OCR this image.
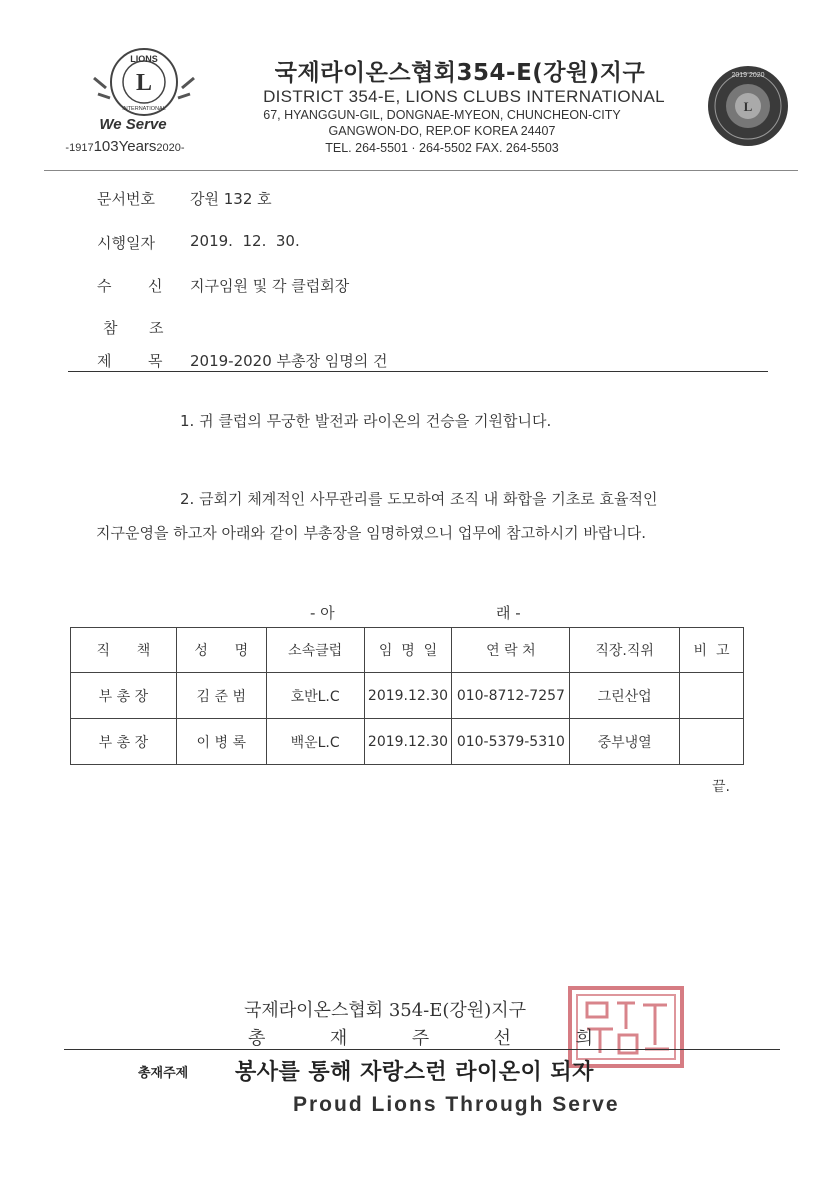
LIONS
L
INTERNATIONAL
We Serve
-1917103Years2020-
국제라이온스협회354-E(강원)지구
DISTRICT 354-E, LIONS CLUBS INTERNATIONAL
67, HYANGGUN-GIL, DONGNAE-MYEON, CHUNCHEON-CITY
GANGWON-DO, REP.OF KOREA 24407
TEL. 264-5501 · 264-5502 FAX. 264-5503
L
2019 2020
문서번호	강원 132 호
시행일자	2019.  12.  30.
수 신 지구임원 및 각 클럽회장
참 조
제 목 2019-2020 부총장 임명의 건
1. 귀 클럽의 무궁한 발전과 라이온의 건승을 기원합니다.
2. 금회기 체계적인 사무관리를 도모하여 조직 내 화합을 기초로 효율적인
지구운영을 하고자 아래와 같이 부총장을 임명하였으니 업무에 참고하시기 바랍니다.
- 아	래 -
직      책	성      명	소속클럽	임  명  일	연 락 처	직장.직위	비  고
부 총 장	김 준 범	호반L.C	2019.12.30	010-8712-7257	그린산업	
부 총 장	이 병 록	백운L.C	2019.12.30	010-5379-5310	중부냉열	
끝.
국제라이온스협회 354-E(강원)지구
총	재	주	선	희
총재주제 봉사를 통해 자랑스런 라이온이 되자
Proud Lions Through Serve
